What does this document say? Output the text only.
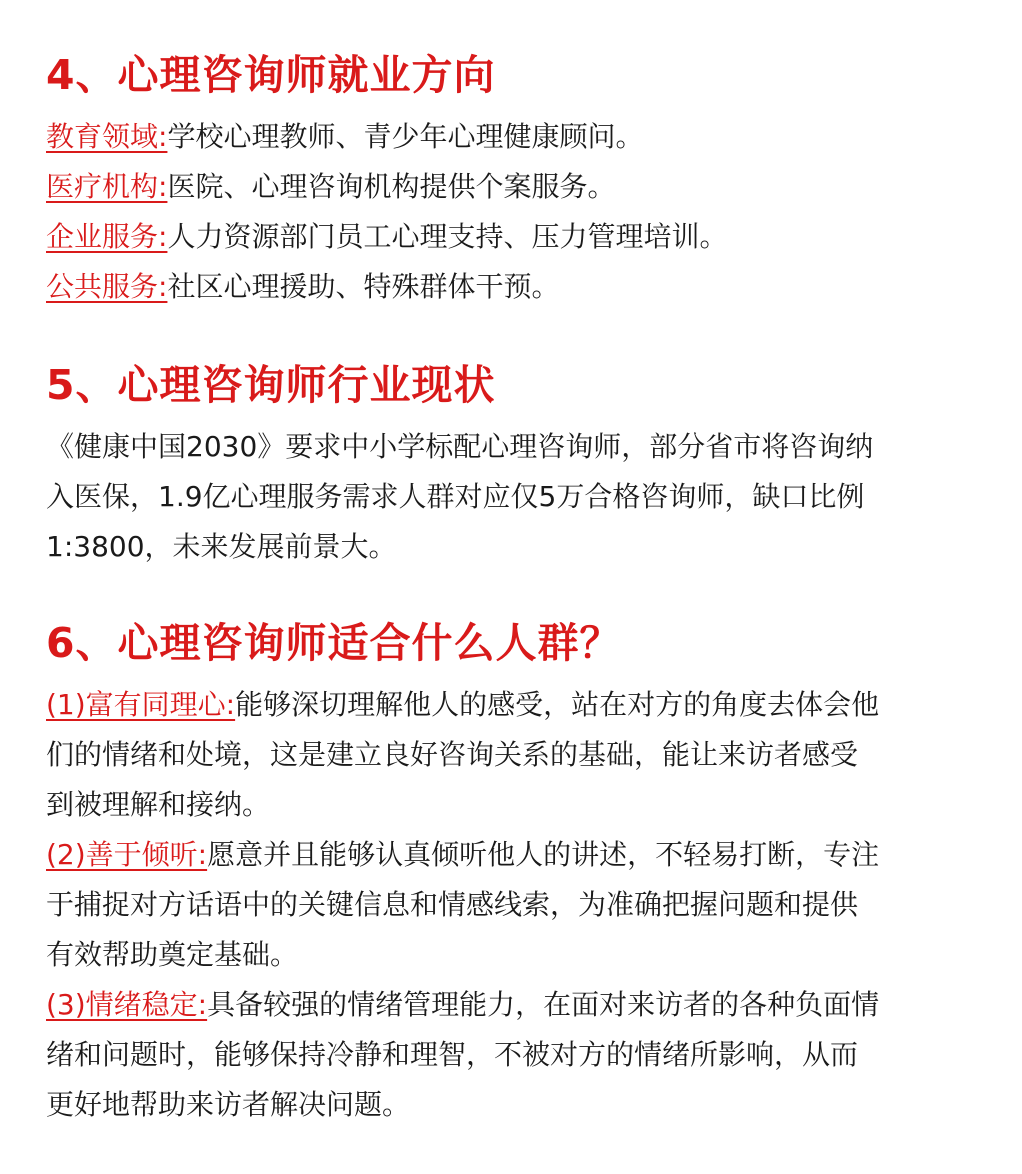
4、心理咨询师就业方向

教育领域:学校心理教师、青少年心理健康顾问。

医疗机构:医院、心理咨询机构提供个案服务。

企业服务:人力资源部门员工心理支持、压力管理培训。

公共服务:社区心理援助、特殊群体干预。

5、心理咨询师行业现状

《健康中国2030》要求中小学标配心理咨询师，部分省市将咨询纳

入医保，1.9亿心理服务需求人群对应仅5万合格咨询师，缺口比例

1:3800，未来发展前景大。

6、心理咨询师适合什么人群？

(1)富有同理心:能够深切理解他人的感受，站在对方的角度去体会他

们的情绪和处境，这是建立良好咨询关系的基础，能让来访者感受

到被理解和接纳。

(2)善于倾听:愿意并且能够认真倾听他人的讲述，不轻易打断，专注

于捕捉对方话语中的关键信息和情感线索，为准确把握问题和提供

有效帮助奠定基础。

(3)情绪稳定:具备较强的情绪管理能力，在面对来访者的各种负面情

绪和问题时，能够保持冷静和理智，不被对方的情绪所影响，从而

更好地帮助来访者解决问题。
